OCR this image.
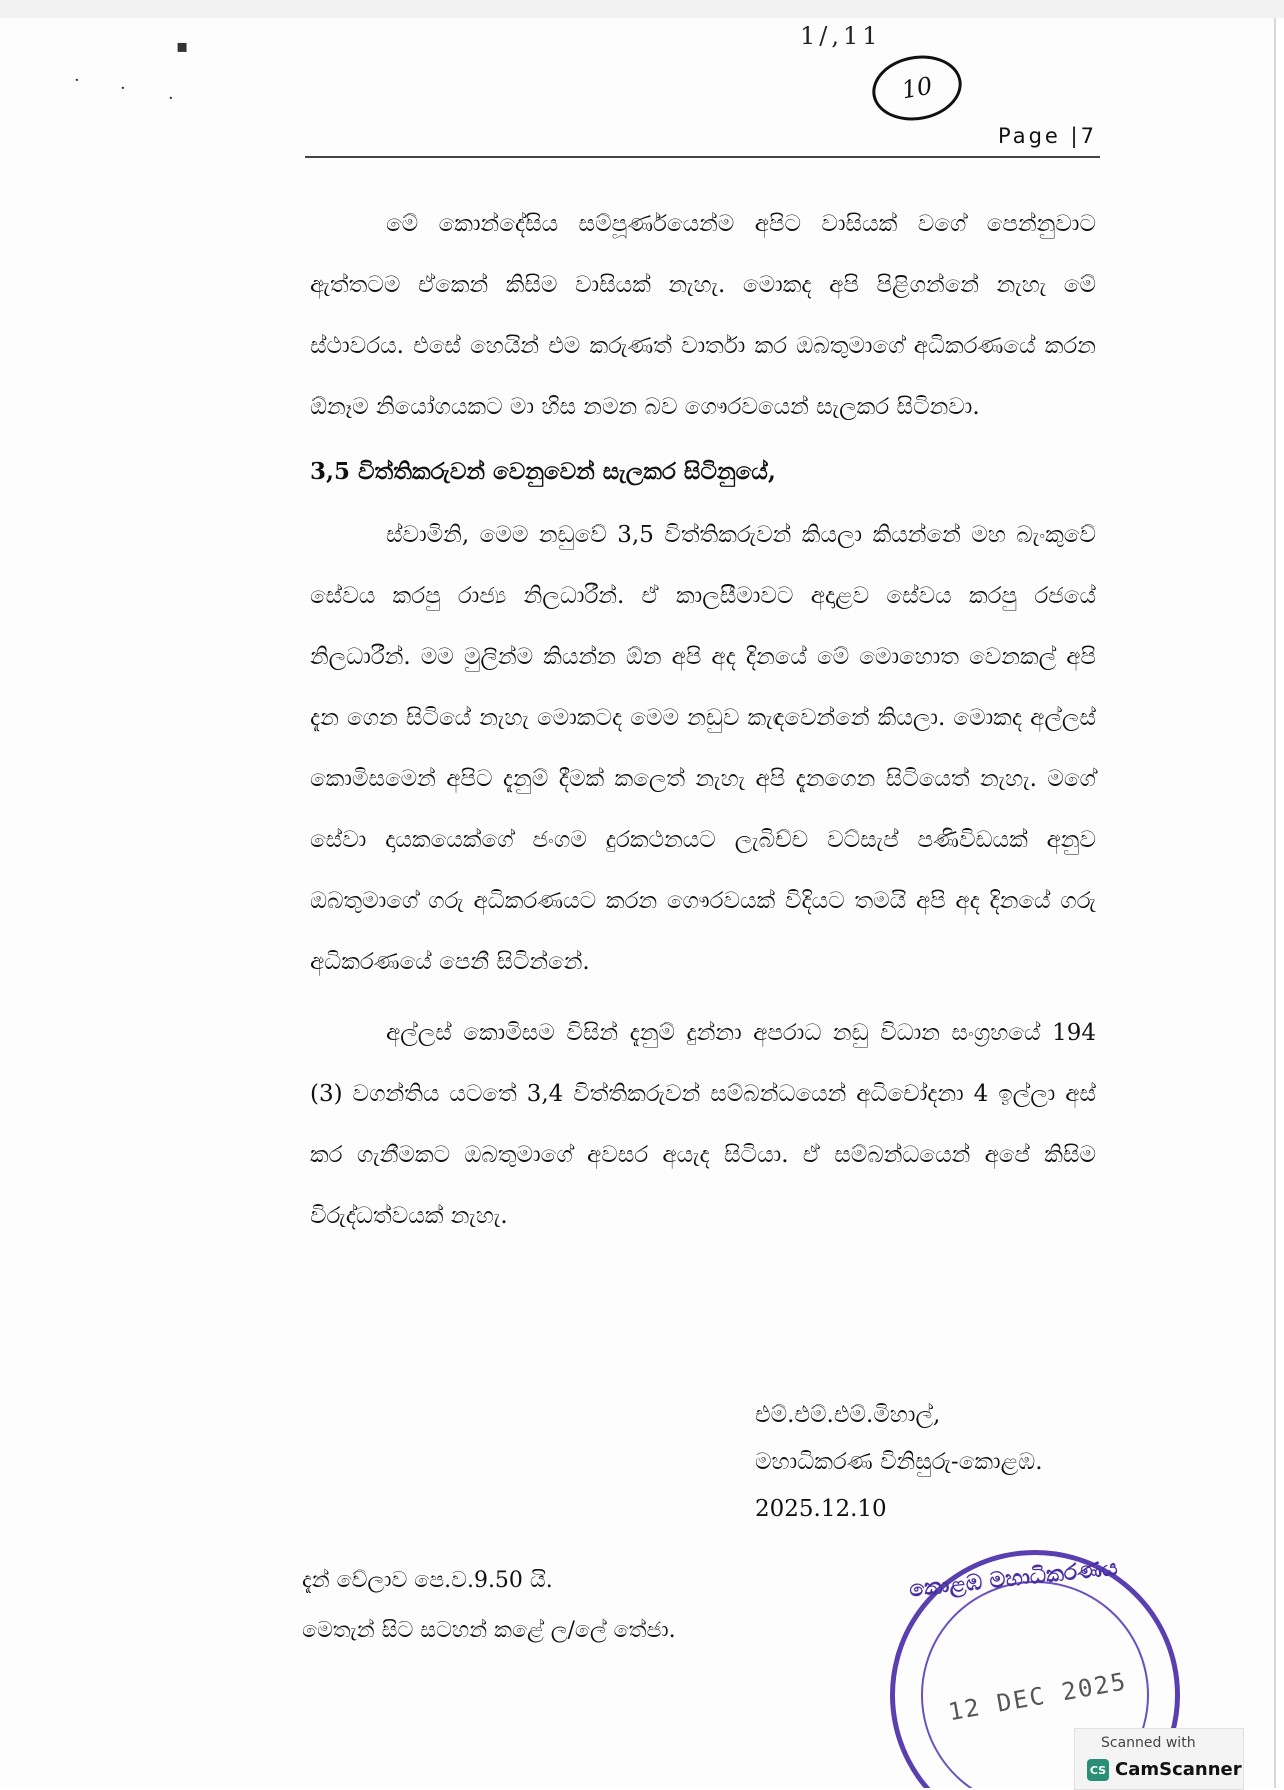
▪
· · ·
1/,11
10
Page |7

මේ කොන්දේසිය සම්පූර්ණයෙන්ම අපිට වාසියක් වගේ පෙන්නුවාට ඇත්තටම ඒකෙන් කිසිම වාසියක් නැහැ. මොකද අපි පිළිගන්නේ නැහැ මේ ස්ථාවරය. එසේ හෙයින් එම කරුණත් වාර්තා කර ඔබතුමාගේ අධිකරණයේ කරන ඕනෑම නියෝගයකට මා හිස නමන බව ගෞරවයෙන් සැලකර සිටිනවා.

3,5 විත්තිකරුවන් වෙනුවෙන් සැලකර සිටිනුයේ,

ස්වාමිනි, මෙම නඩුවේ 3,5 විත්තිකරුවන් කියලා කියන්නේ මහ බැංකුවේ සේවය කරපු රාජ්‍ය නිලධාරීන්. ඒ කාලසීමාවට අදාළව සේවය කරපු රජයේ නිලධාරීන්. මම මුලින්ම කියන්න ඕන අපි අද දිනයේ මේ මොහොත වෙනකල් අපි දැන ගෙන සිටියේ නැහැ මොකටද මෙම නඩුව කැඳවෙන්නේ කියලා. මොකද අල්ලස් කොමිසමෙන් අපිට දැනුම් දීමක් කලෙත් නැහැ අපි දැනගෙන සිටියෙත් නැහැ. මගේ සේවා දායකයෙක්ගේ ජංගම දුරකථනයට ලැබිච්ච වට්සැප් පණිවිඩයක් අනුව ඔබතුමාගේ ගරු අධිකරණයට කරන ගෞරවයක් විදියට තමයි අපි අද දිනයේ ගරු අධිකරණයේ පෙනී සිටින්නේ.

අල්ලස් කොමිසම විසින් දැනුම් දුන්නා අපරාධ නඩු විධාන සංග්‍රහයේ 194 (3) වගන්තිය යටතේ 3,4 විත්තිකරුවන් සම්බන්ධයෙන් අධිචෝදනා 4 ඉල්ලා අස් කර ගැනීමකට ඔබතුමාගේ අවසර අයැද සිටියා. ඒ සම්බන්ධයෙන් අපේ කිසිම විරුද්ධත්වයක් නැහැ.

එම්.එම්.එම්.මිහාල්,
මහාධිකරණ විනිසුරු-කොළඹ.
2025.12.10
දැන් වේලාව පෙ.ව.9.50 යි.
මෙතැන් සිට සටහන් කළේ ල/ලේ තේජා.
කොළඹ මහාධිකරණය
12 DEC 2025
Scanned with
CS CamScanner
